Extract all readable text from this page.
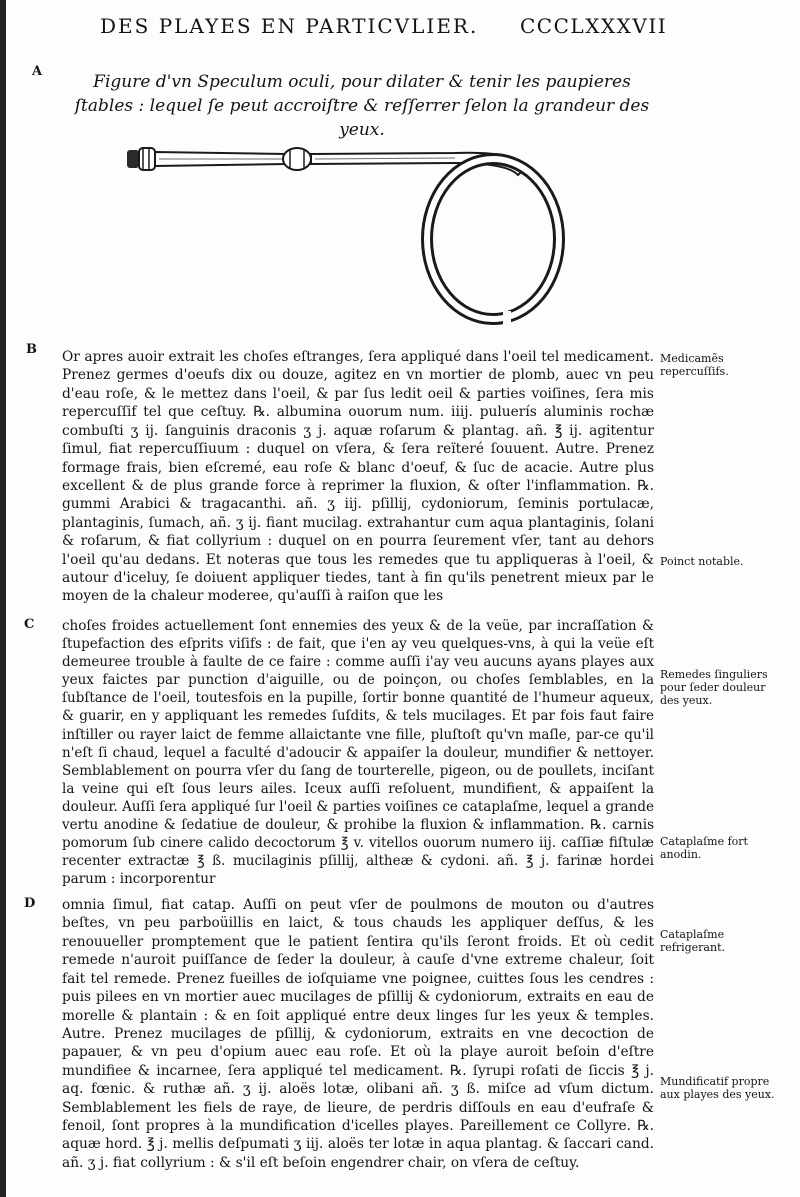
DES PLAYES EN PARTICVLIER. CCCLXXXVII
A
Figure d'vn Speculum oculi, pour dilater & tenir les paupieres ſtables : lequel ſe peut accroiſtre & reſſerrer ſelon la grandeur des yeux.
B Or apres auoir extrait les choſes eſtranges, ſera appliqué dans l'oeil tel medicament. Prenez germes d'oeufs dix ou douze, agitez en vn mortier de plomb, auec vn peu d'eau roſe, & le mettez dans l'oeil, & par ſus ledit oeil & parties voiſines, ſera mis repercuſſif tel que ceſtuy. ℞. albumina ouorum num. iiij. puluerís aluminis rochæ combuſti ʒ ij. ſanguinis draconis ʒ j. aquæ roſarum & plantag. añ. ℥ ij. agitentur ſimul, fiat repercuſſiuum : duquel on vſera, & ſera reïteré ſouuent. Autre. Prenez formage frais, bien eſcremé, eau roſe & blanc d'oeuf, & ſuc de acacie. Autre plus excellent & de plus grande force à reprimer la fluxion, & oſter l'inflammation. ℞. gummi Arabici & tragacanthi. añ. ʒ iij. pſillij, cydoniorum, ſeminis portulacæ, plantaginis, ſumach, añ. ʒ ij. fiant mucilag. extrahantur cum aqua plantaginis, ſolani & roſarum, & fiat collyrium : duquel on en pourra ſeurement vſer, tant au dehors l'oeil qu'au dedans. Et noteras que tous les remedes que tu appliqueras à l'oeil, & autour d'iceluy, ſe doiuent appliquer tiedes, tant à fin qu'ils penetrent mieux par le moyen de la chaleur moderee, qu'auſſi à raiſon que les

C choſes froides actuellement ſont ennemies des yeux & de la veüe, par incraſſation & ſtupefaction des eſprits viſifs : de fait, que i'en ay veu quelques-vns, à qui la veüe eſt demeuree trouble à faulte de ce faire : comme auſſi i'ay veu aucuns ayans playes aux yeux faictes par punction d'aiguille, ou de poinçon, ou choſes ſemblables, en la ſubſtance de l'oeil, toutesfois en la pupille, ſortir bonne quantité de l'humeur aqueux, & guarir, en y appliquant les remedes ſuſdits, & tels mucilages. Et par fois faut faire inſtiller ou rayer laict de femme allaictante vne fille, pluſtoſt qu'vn maſle, par-ce qu'il n'eſt ſi chaud, lequel a faculté d'adoucir & appaiſer la douleur, mundifier & nettoyer. Semblablement on pourra vſer du ſang de tourterelle, pigeon, ou de poullets, inciſant la veine qui eſt ſous leurs ailes. Iceux auſſi reſoluent, mundifient, & appaiſent la douleur. Auſſi ſera appliqué ſur l'oeil & parties voiſines ce cataplaſme, lequel a grande vertu anodine & ſedatiue de douleur, & prohibe la fluxion & inflammation. ℞. carnis pomorum ſub cinere calido decoctorum ℥ v. vitellos ouorum numero iij. caſſiæ fiſtulæ recenter extractæ ℥ ß. mucilaginis pſillij, altheæ & cydoni. añ. ℥ j. farinæ hordei parum : incorporentur

D omnia ſimul, fiat catap. Auſſi on peut vſer de poulmons de mouton ou d'autres beſtes, vn peu parboüillis en laict, & tous chauds les appliquer deſſus, & les renouueller promptement que le patient ſentira qu'ils ſeront froids. Et où cedit remede n'auroit puiſſance de ſeder la douleur, à cauſe d'vne extreme chaleur, ſoit fait tel remede. Prenez fueilles de ioſquiame vne poignee, cuittes ſous les cendres : puis pilees en vn mortier auec mucilages de pſillij & cydoniorum, extraits en eau de morelle & plantain : & en ſoit appliqué entre deux linges ſur les yeux & temples. Autre. Prenez mucilages de pſillij, & cydoniorum, extraits en vne decoction de papauer, & vn peu d'opium auec eau roſe. Et où la playe auroit beſoin d'eſtre mundifiee & incarnee, ſera appliqué tel medicament. ℞. ſyrupi roſati de ſiccis ℥ j. aq. fœnic. & ruthæ añ. ʒ ij. aloës lotæ, olibani añ. ʒ ß. miſce ad vſum dictum. Semblablement les fiels de raye, de lieure, de perdris diſſouls en eau d'eufraſe & fenoil, ſont propres à la mundification d'icelles playes. Pareillement ce Collyre. ℞. aquæ hord. ℥ j. mellis deſpumati ʒ iij. aloës ter lotæ in aqua plantag. & ſaccari cand. añ. ʒ j. fiat collyrium : & s'il eſt beſoin engendrer chair, on vſera de ceſtuy.

Medicamẽs repercuſſifs.
Poinct notable.
Remedes ſinguliers pour ſeder douleur des yeux.
Cataplaſme fort anodin.
Cataplaſme refrigerant.
Mundificatif propre aux playes des yeux.
